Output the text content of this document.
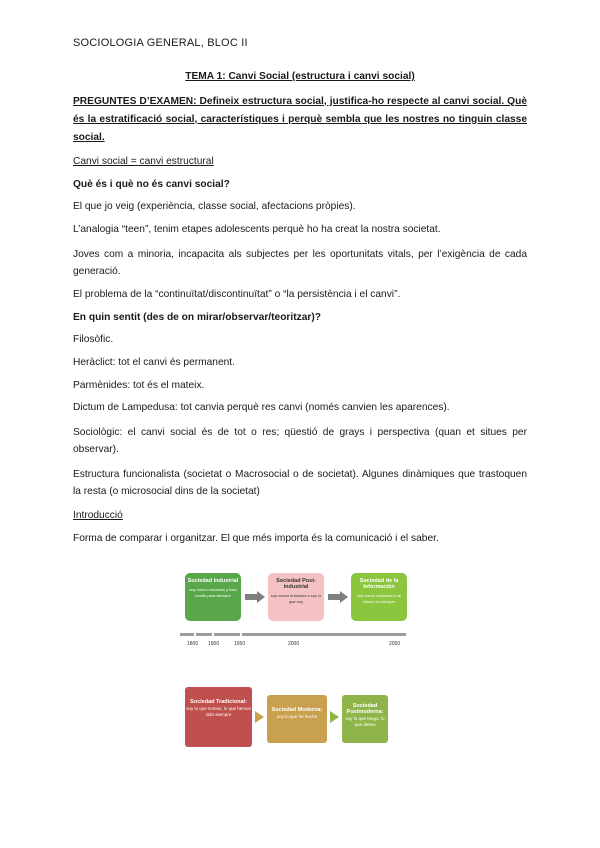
SOCIOLOGIA GENERAL, BLOC II

TEMA 1: Canvi Social (estructura i canvi social)

PREGUNTES D’EXAMEN: Defineix estructura social, justifica-ho respecte al canvi social. Què és la estratificació social, característiques i perquè sembla que les nostres no tinguin classe social.

Canvi social = canvi estructural

Què és i què no és canvi social?

El que jo veig (experiència, classe social, afectacions pròpies).

L’analogia “teen”, tenim etapes adolescents perquè ho ha creat la nostra societat.

Joves com a minoria, incapacita als subjectes per les oportunitats vitals, per l’exigència de cada generació.

El problema de la “continuïtat/discontinuïtat” o “la persistència i el canvi”.

En quin sentit (des de on mirar/observar/teoritzar)?

Filosòfic.

Heràclict: tot el canvi és permanent.

Parmènides: tot és el mateix.

Dictum de Lampedusa: tot canvia perquè res canvi (només canvien les aparences).

Sociològic: el canvi social és de tot o res; qüestió de grays i perspectiva (quan et situes per observar).

Estructura funcionalista (societat o Macrosocial o de societat). Algunes dinàmiques que trastoquen la resta (o microsocial dins de la societat)

Introducció

Forma de comparar i organitzar. El que més importa és la comunicació i el saber.

Sociedad Industrial
soy nuevo entonces y toso bonito para siempre
Sociedad Post-industrial
soy nuevo entonces a soy lo que soy
Sociedad de la Información
soy nuevo entonces y se mismo en siempre
1800 1900	1950	2000	2050
Sociedad Tradicional:
soy lo que somos, lo que hemos sido siempre
Sociedad Moderna:
soy lo que he hecho
Sociedad Postmoderna:
soy lo que tengo, lo que deseo
